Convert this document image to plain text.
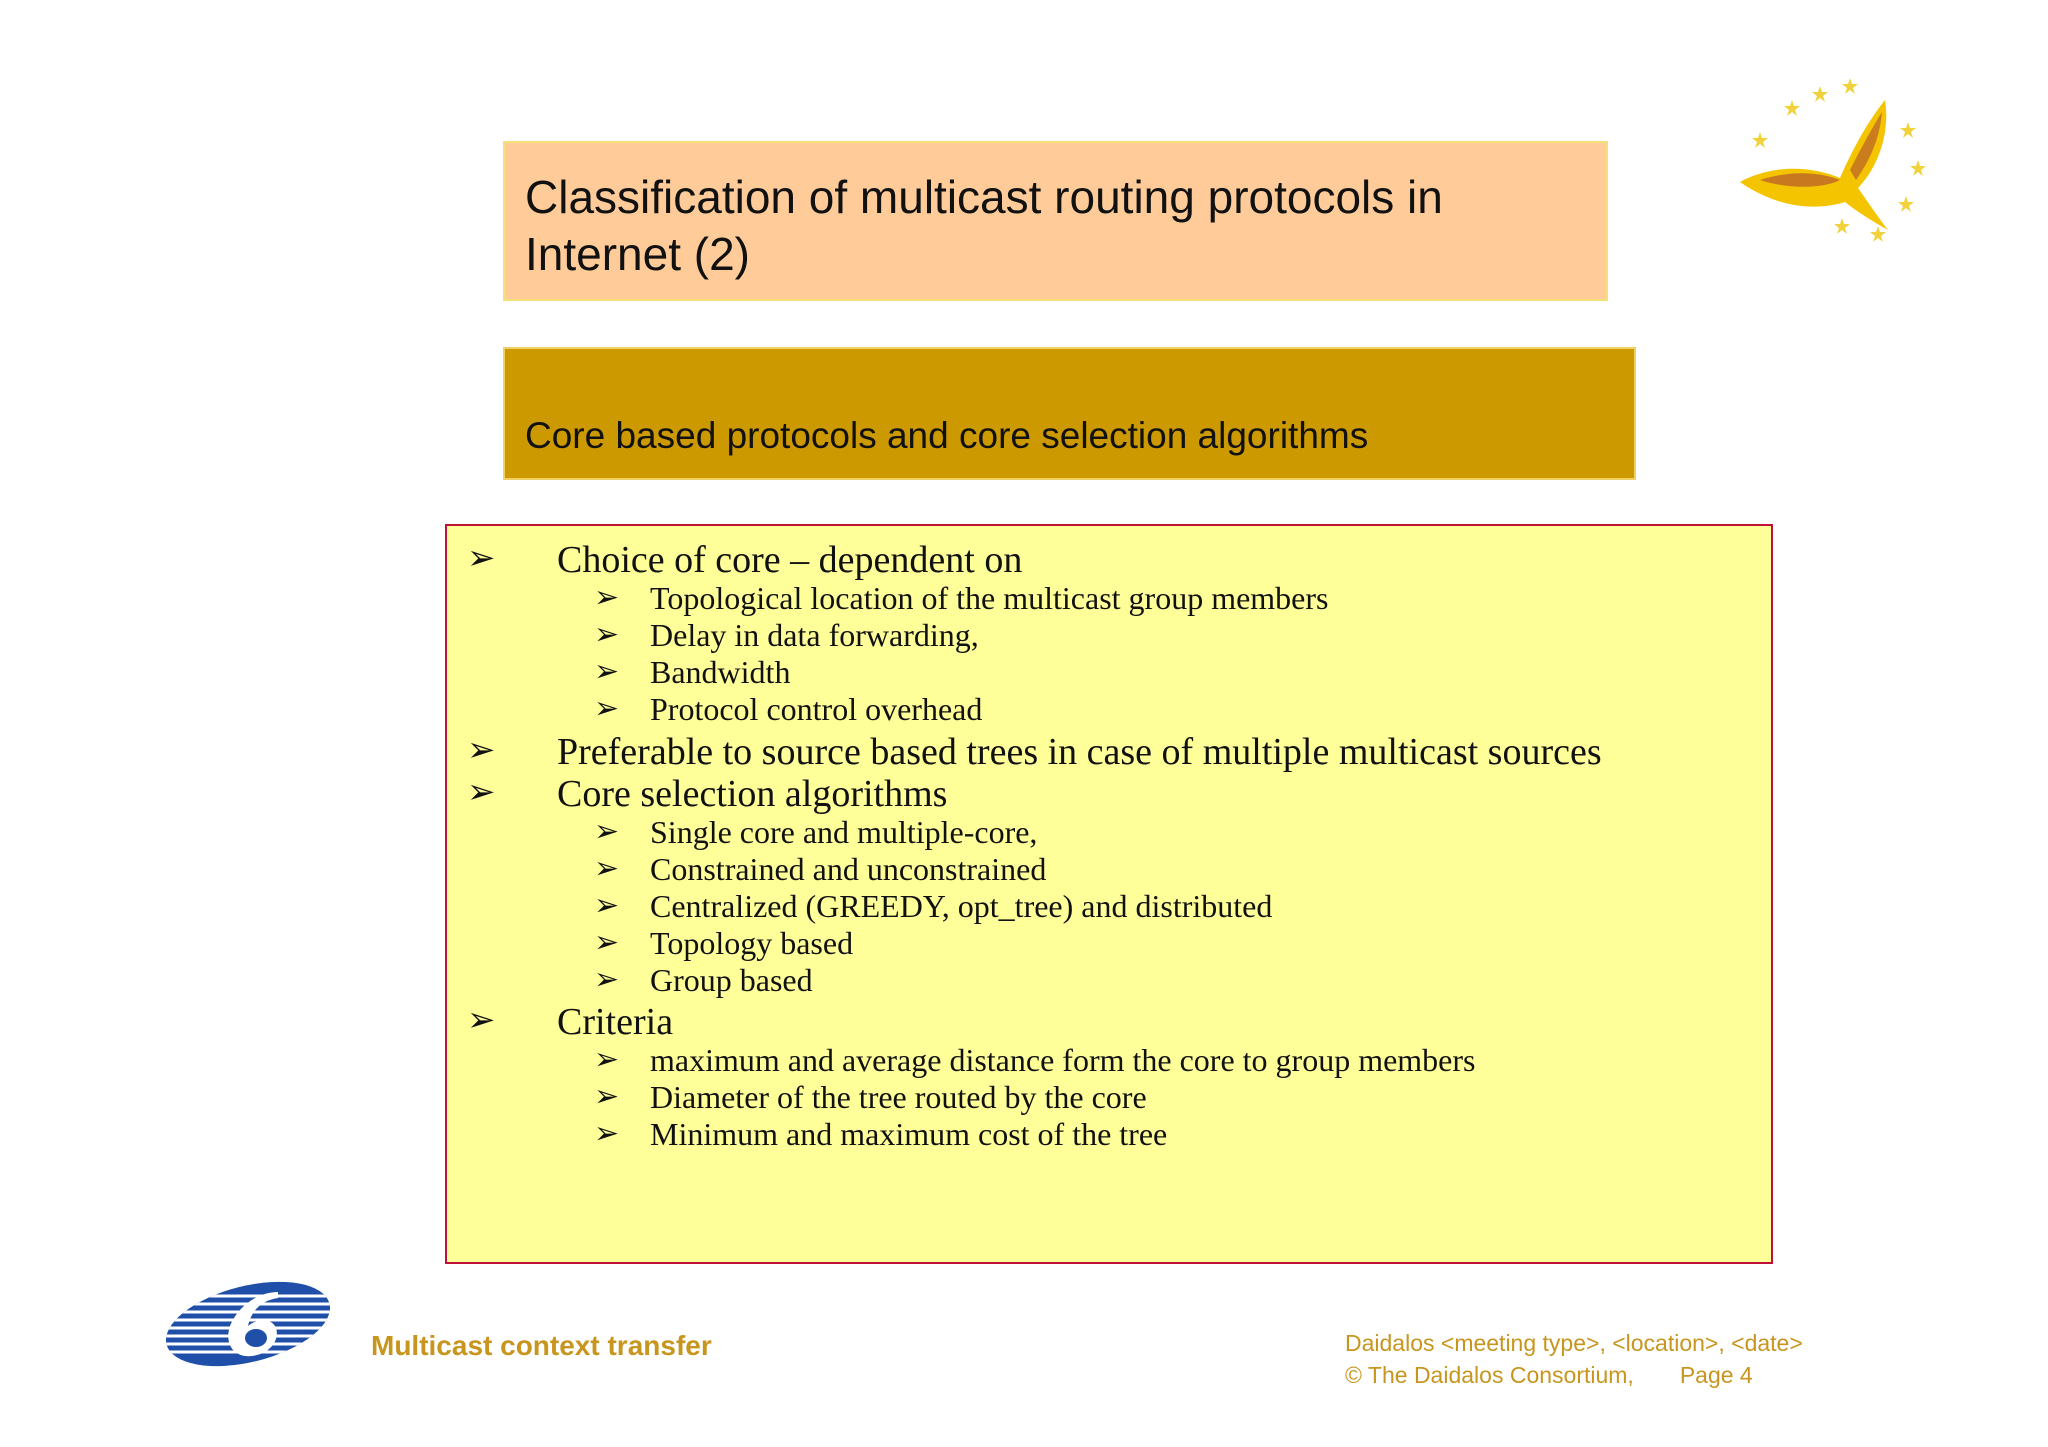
Classification of multicast routing protocols in Internet (2)
Core based protocols and core selection algorithms
➢ Choice of core – dependent on
➢ Topological location of the multicast group members
➢ Delay in data forwarding,
➢ Bandwidth
➢ Protocol control overhead
➢ Preferable to source based trees in case of multiple multicast sources
➢ Core selection algorithms
➢ Single core and multiple-core,
➢ Constrained and unconstrained
➢ Centralized (GREEDY, opt_tree) and distributed
➢ Topology based
➢ Group based
➢ Criteria
➢ maximum and average distance form the core to group members
➢ Diameter of the tree routed by the core
➢ Minimum and maximum cost of the tree
Multicast context transfer	Daidalos <meeting type>, <location>, <date>
© The Daidalos Consortium, Page 4
